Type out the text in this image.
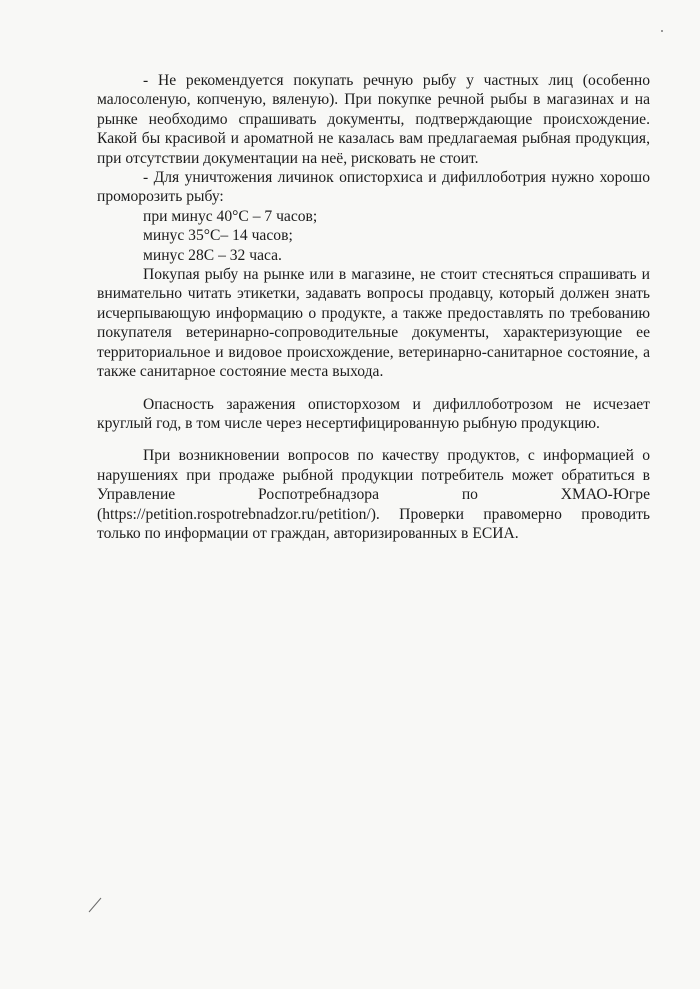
- Не рекомендуется покупать речную рыбу у частных лиц (особенно малосоленую, копченую, вяленую). При покупке речной рыбы в магазинах и на рынке необходимо спрашивать документы, подтверждающие происхождение. Какой бы красивой и ароматной не казалась вам предлагаемая рыбная продукция, при отсутствии документации на неё, рисковать не стоит.

- Для уничтожения личинок описторхиса и дифиллоботрия нужно хорошо проморозить рыбу:

при минус 40°С – 7 часов;

минус 35°С– 14 часов;

минус 28С – 32 часа.

Покупая рыбу на рынке или в магазине, не стоит стесняться спрашивать и внимательно читать этикетки, задавать вопросы продавцу, который должен знать исчерпывающую информацию о продукте, а также предоставлять по требованию покупателя ветеринарно-сопроводительные документы, характеризующие ее территориальное и видовое происхождение, ветеринарно-санитарное состояние, а также санитарное состояние места выхода.

Опасность заражения описторхозом и дифиллоботрозом не исчезает круглый год, в том числе через несертифицированную рыбную продукцию.

При возникновении вопросов по качеству продуктов, с информацией о нарушениях при продаже рыбной продукции потребитель может обратиться в Управление Роспотребнадзора по ХМАО-Югре (https://petition.rospotrebnadzor.ru/petition/). Проверки правомерно проводить только по информации от граждан, авторизированных в ЕСИА.
